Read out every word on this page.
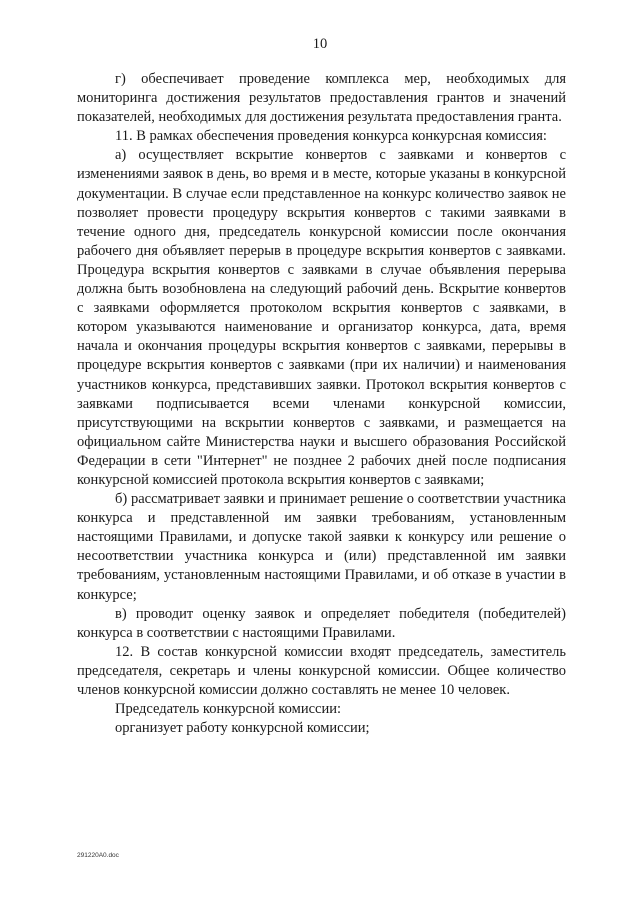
10

г) обеспечивает проведение комплекса мер, необходимых для мониторинга достижения результатов предоставления грантов и значений показателей, необходимых для достижения результата предоставления гранта.

11. В рамках обеспечения проведения конкурса конкурсная комиссия:

а) осуществляет вскрытие конвертов с заявками и конвертов с изменениями заявок в день, во время и в месте, которые указаны в конкурсной документации. В случае если представленное на конкурс количество заявок не позволяет провести процедуру вскрытия конвертов с такими заявками в течение одного дня, председатель конкурсной комиссии после окончания рабочего дня объявляет перерыв в процедуре вскрытия конвертов с заявками. Процедура вскрытия конвертов с заявками в случае объявления перерыва должна быть возобновлена на следующий рабочий день. Вскрытие конвертов с заявками оформляется протоколом вскрытия конвертов с заявками, в котором указываются наименование и организатор конкурса, дата, время начала и окончания процедуры вскрытия конвертов с заявками, перерывы в процедуре вскрытия конвертов с заявками (при их наличии) и наименования участников конкурса, представивших заявки. Протокол вскрытия конвертов с заявками подписывается всеми членами конкурсной комиссии, присутствующими на вскрытии конвертов с заявками, и размещается на официальном сайте Министерства науки и высшего образования Российской Федерации в сети "Интернет" не позднее 2 рабочих дней после подписания конкурсной комиссией протокола вскрытия конвертов с заявками;

б) рассматривает заявки и принимает решение о соответствии участника конкурса и представленной им заявки требованиям, установленным настоящими Правилами, и допуске такой заявки к конкурсу или решение о несоответствии участника конкурса и (или) представленной им заявки требованиям, установленным настоящими Правилами, и об отказе в участии в конкурсе;

в) проводит оценку заявок и определяет победителя (победителей) конкурса в соответствии с настоящими Правилами.

12. В состав конкурсной комиссии входят председатель, заместитель председателя, секретарь и члены конкурсной комиссии. Общее количество членов конкурсной комиссии должно составлять не менее 10 человек.

Председатель конкурсной комиссии:

организует работу конкурсной комиссии;

291220A0.doc
